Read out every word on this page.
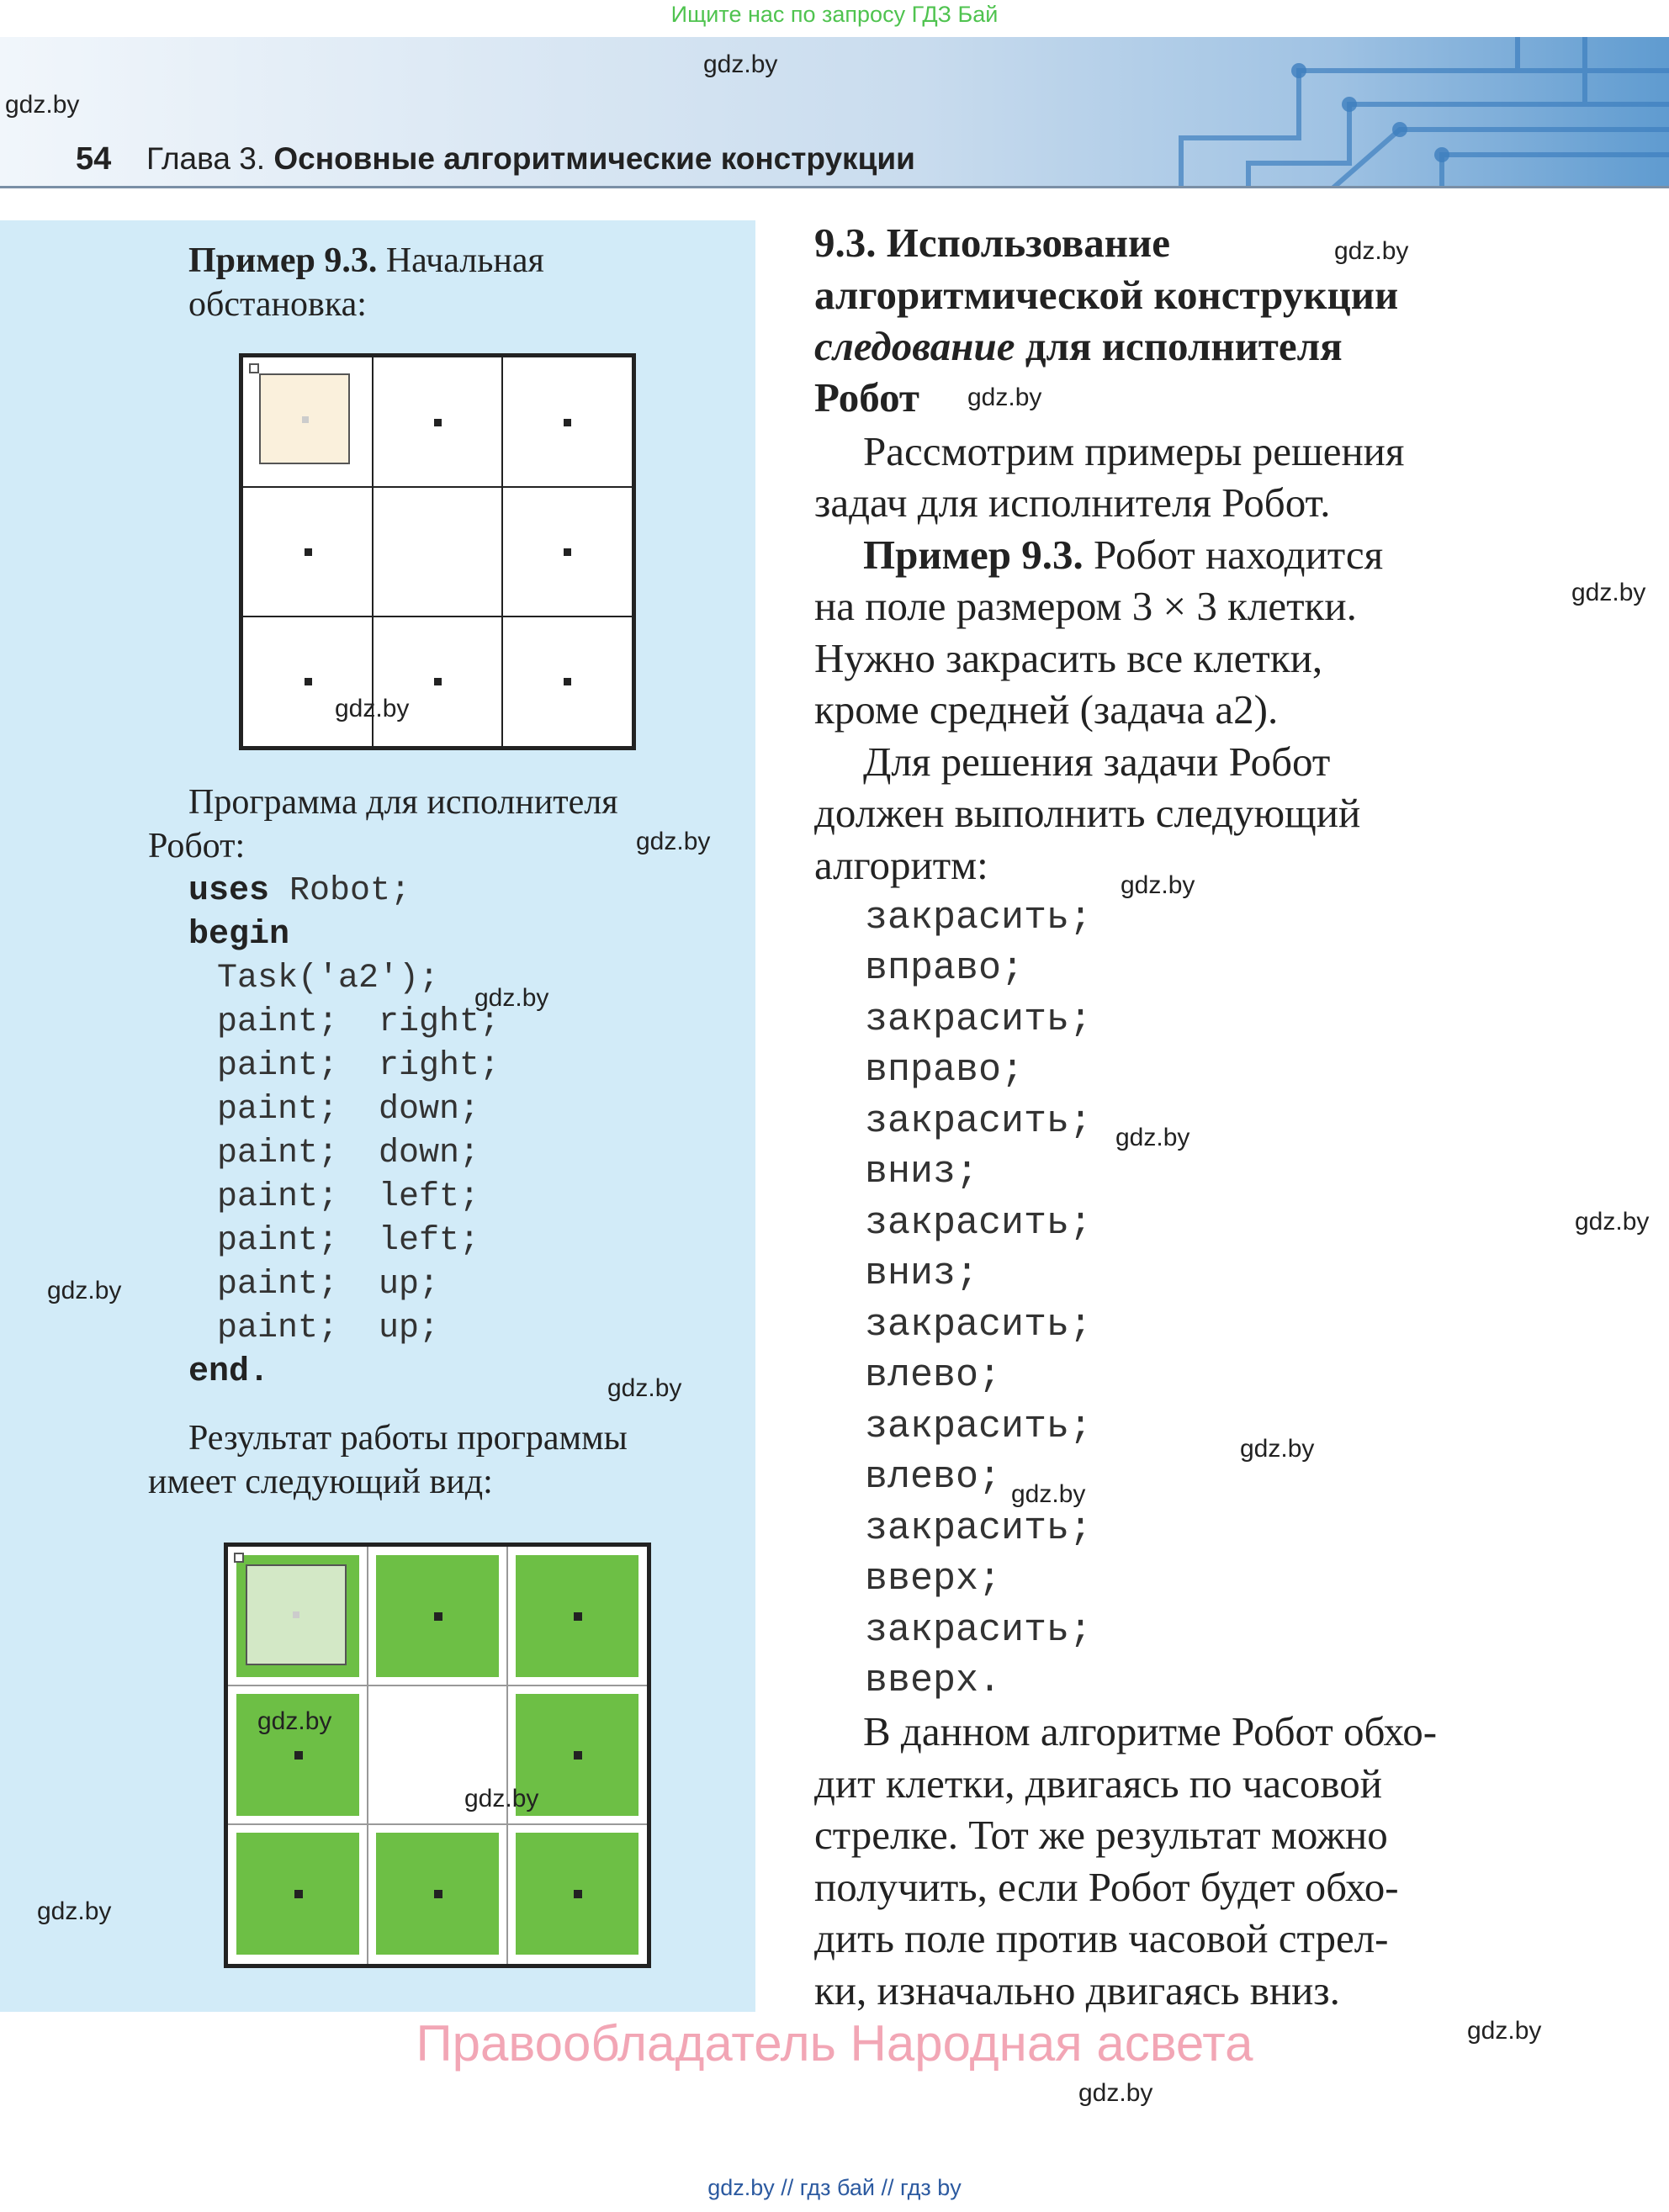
Ищите нас по запросу ГДЗ Бай
54 Глава 3. Основные алгоритмические конструкции
gdz.by
gdz.by
Пример 9.3. Начальная обстановка:
gdz.by
Программа для исполнителя
Робот:	gdz.by
uses Robot;
begin
Task('a2');
paint;  right;
paint;  right;
paint;  down;
paint;  down;
paint;  left;
paint;  left;
paint;  up;
paint;  up;
end.
gdz.by
gdz.by
gdz.by
Результат работы программы
имеет следующий вид:
gdz.by
gdz.by
gdz.by
9.3. Использование	gdz.by
алгоритмической конструкции
следование для исполнителя
Робот gdz.by
Рассмотрим примеры решения
задач для исполнителя Робот.
Пример 9.3. Робот находится
на поле размером 3 × 3 клетки.
Нужно закрасить все клетки,
кроме средней (задача a2).
gdz.by
Для решения задачи Робот
должен выполнить следующий
алгоритм:	gdz.by
закрасить;
вправо;
закрасить;
вправо;
закрасить;
вниз;
закрасить;
вниз;
закрасить;
влево;
закрасить;
влево;
закрасить;
вверх;
закрасить;
вверх.
gdz.by
gdz.by
gdz.by
gdz.by
В данном алгоритме Робот обхо-
дит клетки, двигаясь по часовой
стрелке. Тот же результат можно
получить, если Робот будет обхо-
дить поле против часовой стрел-
ки, изначально двигаясь вниз.
gdz.by
Правообладатель Народная асвета
gdz.by
gdz.by // гдз бай // гдз by
